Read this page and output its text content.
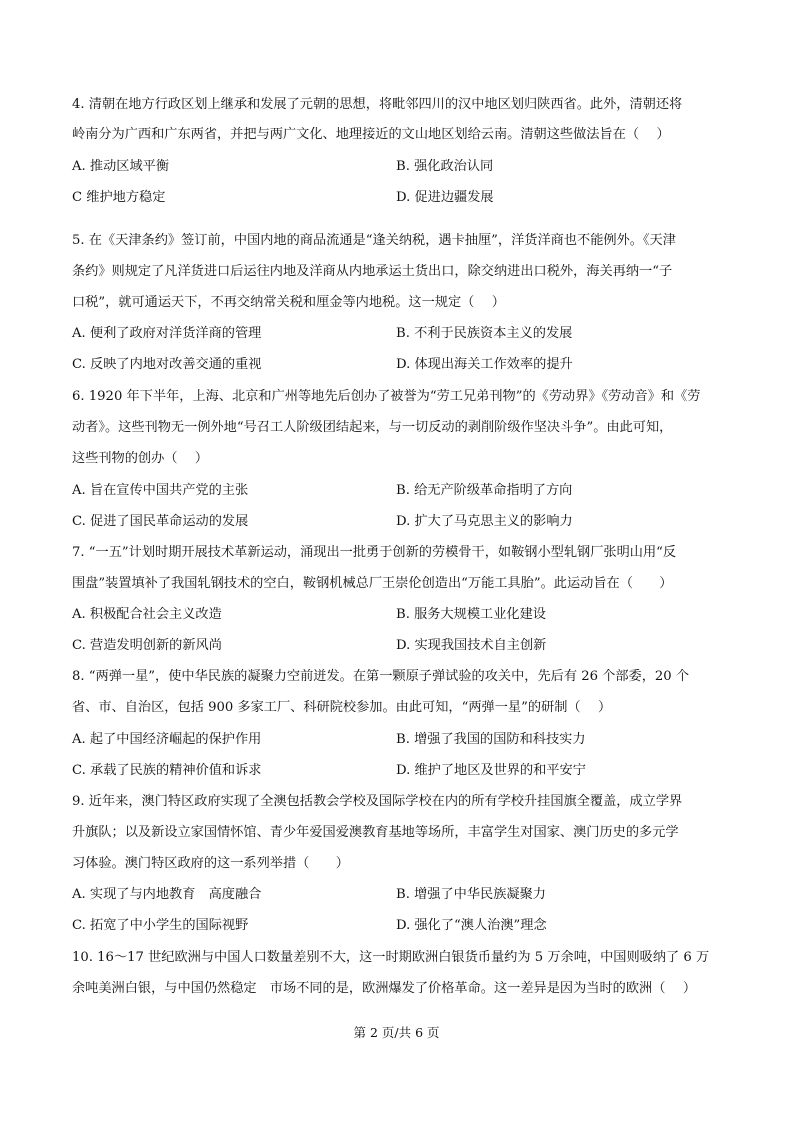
4. 清朝在地方行政区划上继承和发展了元朝的思想，将毗邻四川的汉中地区划归陕西省。此外，清朝还将
岭南分为广西和广东两省，并把与两广文化、地理接近的文山地区划给云南。清朝这些做法旨在（　 ）
A. 推动区域平衡	B. 强化政治认同
C 维护地方稳定	D. 促进边疆发展
5. 在《天津条约》签订前，中国内地的商品流通是“逢关纳税，遇卡抽厘”，洋货洋商也不能例外。《天津
条约》则规定了凡洋货进口后运往内地及洋商从内地承运土货出口，除交纳进出口税外，海关再纳一“子
口税”，就可通运天下，不再交纳常关税和厘金等内地税。这一规定（　 ）
A. 便利了政府对洋货洋商的管理	B. 不利于民族资本主义的发展
C. 反映了内地对改善交通的重视	D. 体现出海关工作效率的提升
6. 1920 年下半年，上海、北京和广州等地先后创办了被誉为“劳工兄弟刊物”的《劳动界》《劳动音》和《劳
动者》。这些刊物无一例外地“号召工人阶级团结起来，与一切反动的剥削阶级作坚决斗争”。由此可知，
这些刊物的创办（　 ）
A. 旨在宣传中国共产党的主张	B. 给无产阶级革命指明了方向
C. 促进了国民革命运动的发展	D. 扩大了马克思主义的影响力
7. “一五”计划时期开展技术革新运动，涌现出一批勇于创新的劳模骨干，如鞍钢小型轧钢厂张明山用“反
围盘”装置填补了我国轧钢技术的空白，鞍钢机械总厂王崇伦创造出“万能工具胎”。此运动旨在（　　）
A. 积极配合社会主义改造	B. 服务大规模工业化建设
C. 营造发明创新的新风尚	D. 实现我国技术自主创新
8. “两弹一星”，使中华民族的凝聚力空前迸发。在第一颗原子弹试验的攻关中，先后有 26 个部委，20 个
省、市、自治区，包括 900 多家工厂、科研院校参加。由此可知，“两弹一星”的研制（　 ）
A. 起了中国经济崛起的保护作用	B. 增强了我国的国防和科技实力
C. 承载了民族的精神价值和诉求	D. 维护了地区及世界的和平安宁
9. 近年来，澳门特区政府实现了全澳包括教会学校及国际学校在内的所有学校升挂国旗全覆盖，成立学界
升旗队；以及新设立家国情怀馆、青少年爱国爱澳教育基地等场所，丰富学生对国家、澳门历史的多元学
习体验。澳门特区政府的这一系列举措（　　）
A. 实现了与内地教育　高度融合	B. 增强了中华民族凝聚力
C. 拓宽了中小学生的国际视野	D. 强化了“澳人治澳”理念
10. 16～17 世纪欧洲与中国人口数量差别不大，这一时期欧洲白银货币量约为 5 万余吨，中国则吸纳了 6 万
余吨美洲白银，与中国仍然稳定　市场不同的是，欧洲爆发了价格革命。这一差异是因为当时的欧洲（　 ）
第 2 页/共 6 页
